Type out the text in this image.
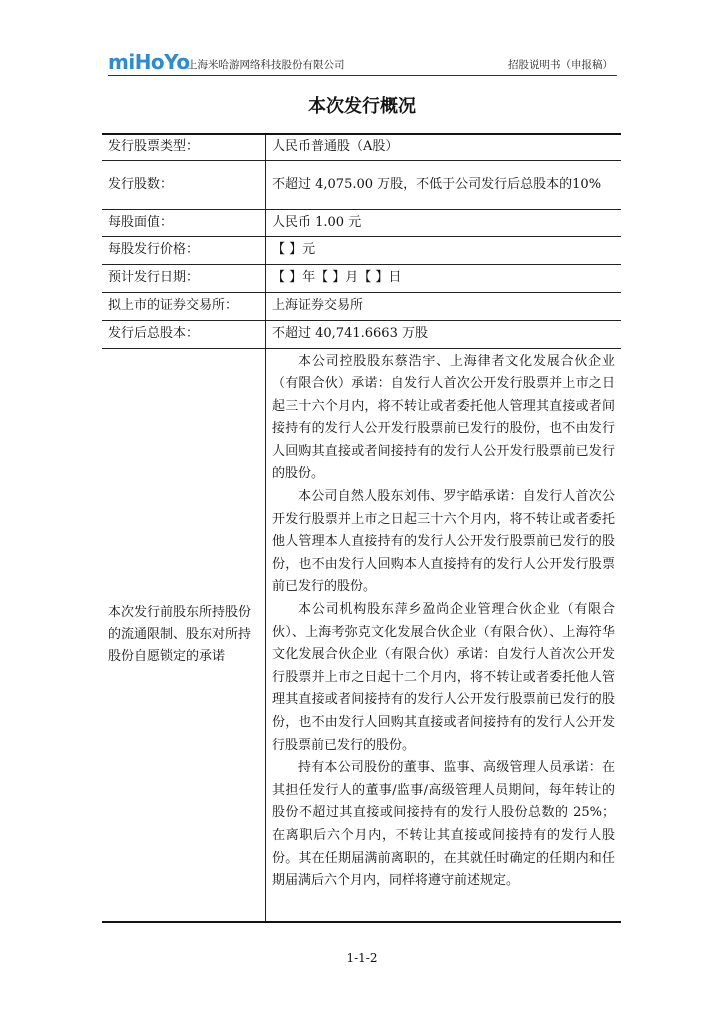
miHoYo
上海米哈游网络科技股份有限公司	招股说明书（申报稿）
本次发行概况
发行股票类型：	人民币普通股（A股）
发行股数：	不超过 4,075.00 万股，不低于公司发行后总股本的10%
每股面值：	人民币 1.00 元
每股发行价格：	【 】元
预计发行日期：	【 】年【 】月【 】日
拟上市的证券交易所：	上海证券交易所
发行后总股本：	不超过 40,741.6663 万股
本次发行前股东所持股份的流通限制、股东对所持股份自愿锁定的承诺	本公司控股股东蔡浩宇、上海律者文化发展合伙企业（有限合伙）承诺：自发行人首次公开发行股票并上市之日起三十六个月内，将不转让或者委托他人管理其直接或者间接持有的发行人公开发行股票前已发行的股份，也不由发行人回购其直接或者间接持有的发行人公开发行股票前已发行的股份。

本公司自然人股东刘伟、罗宇皓承诺：自发行人首次公开发行股票并上市之日起三十六个月内，将不转让或者委托他人管理本人直接持有的发行人公开发行股票前已发行的股份，也不由发行人回购本人直接持有的发行人公开发行股票前已发行的股份。

本公司机构股东萍乡盈尚企业管理合伙企业（有限合伙）、上海考弥克文化发展合伙企业（有限合伙）、上海符华文化发展合伙企业（有限合伙）承诺：自发行人首次公开发行股票并上市之日起十二个月内，将不转让或者委托他人管理其直接或者间接持有的发行人公开发行股票前已发行的股份，也不由发行人回购其直接或者间接持有的发行人公开发行股票前已发行的股份。

持有本公司股份的董事、监事、高级管理人员承诺：在其担任发行人的董事/监事/高级管理人员期间，每年转让的股份不超过其直接或间接持有的发行人股份总数的 25%；在离职后六个月内，不转让其直接或间接持有的发行人股份。其在任期届满前离职的，在其就任时确定的任期内和任期届满后六个月内，同样将遵守前述规定。

1-1-2
